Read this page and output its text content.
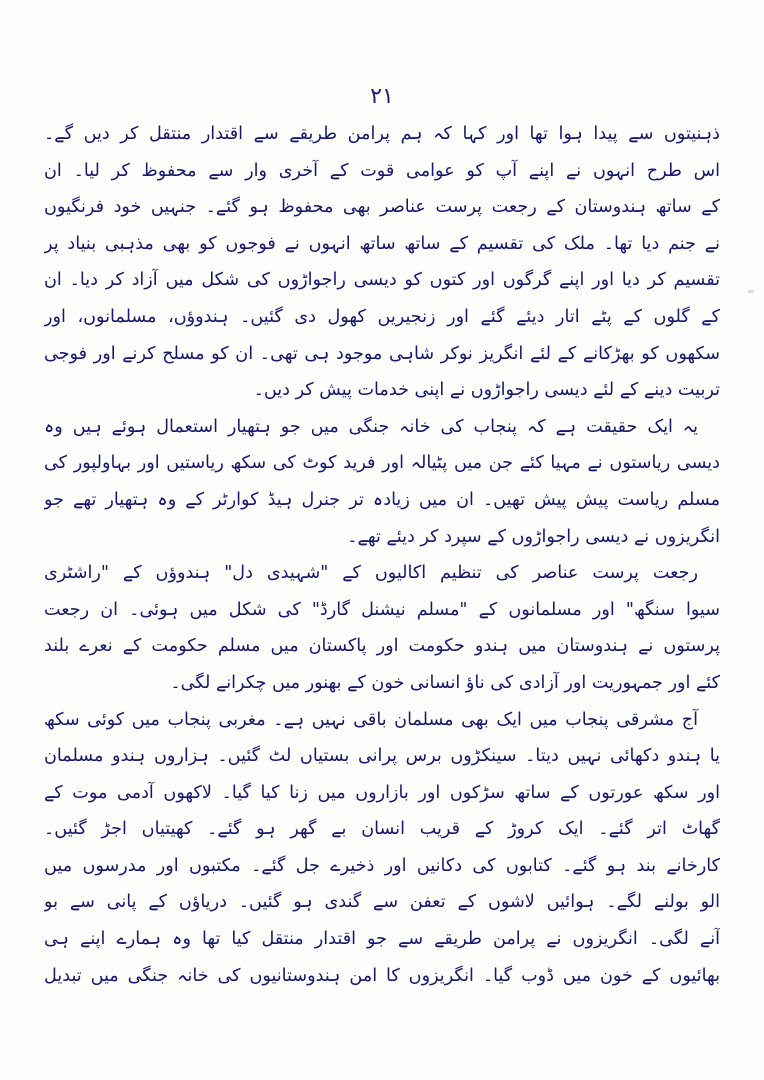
۲۱
ذہنیتوں سے پیدا ہوا تھا اور کہا کہ ہم پرامن طریقے سے اقتدار منتقل کر دیں گے۔
اس طرح انہوں نے اپنے آپ کو عوامی قوت کے آخری وار سے محفوظ کر لیا۔ ان
کے ساتھ ہندوستان کے رجعت پرست عناصر بھی محفوظ ہو گئے۔ جنہیں خود فرنگیوں
نے جنم دیا تھا۔ ملک کی تقسیم کے ساتھ ساتھ انہوں نے فوجوں کو بھی مذہبی بنیاد پر
تقسیم کر دیا اور اپنے گرگوں اور کتوں کو دیسی راجواڑوں کی شکل میں آزاد کر دیا۔ ان
کے گلوں کے پٹے اتار دیئے گئے اور زنجیریں کھول دی گئیں۔ ہندوؤں، مسلمانوں، اور
سکھوں کو بھڑکانے کے لئے انگریز نوکر شاہی موجود ہی تھی۔ ان کو مسلح کرنے اور فوجی
تربیت دینے کے لئے دیسی راجواڑوں نے اپنی خدمات پیش کر دیں۔
یہ ایک حقیقت ہے کہ پنجاب کی خانہ جنگی میں جو ہتھیار استعمال ہوئے ہیں وہ
دیسی ریاستوں نے مہیا کئے جن میں پٹیالہ اور فرید کوٹ کی سکھ ریاستیں اور بہاولپور کی
مسلم ریاست پیش پیش تھیں۔ ان میں زیادہ تر جنرل ہیڈ کوارٹر کے وہ ہتھیار تھے جو
انگریزوں نے دیسی راجواڑوں کے سپرد کر دیئے تھے۔
رجعت پرست عناصر کی تنظیم اکالیوں کے "شہیدی دل" ہندوؤں کے "راشٹری
سیوا سنگھ" اور مسلمانوں کے "مسلم نیشنل گارڈ" کی شکل میں ہوئی۔ ان رجعت
پرستوں نے ہندوستان میں ہندو حکومت اور پاکستان میں مسلم حکومت کے نعرے بلند
کئے اور جمہوریت اور آزادی کی ناؤ انسانی خون کے بھنور میں چکرانے لگی۔
آج مشرقی پنجاب میں ایک بھی مسلمان باقی نہیں ہے۔ مغربی پنجاب میں کوئی سکھ
یا ہندو دکھائی نہیں دیتا۔ سینکڑوں برس پرانی بستیاں لٹ گئیں۔ ہزاروں ہندو مسلمان
اور سکھ عورتوں کے ساتھ سڑکوں اور بازاروں میں زنا کیا گیا۔ لاکھوں آدمی موت کے
گھاٹ اتر گئے۔ ایک کروڑ کے قریب انسان بے گھر ہو گئے۔ کھیتیاں اجڑ گئیں۔
کارخانے بند ہو گئے۔ کتابوں کی دکانیں اور ذخیرے جل گئے۔ مکتبوں اور مدرسوں میں
الو بولنے لگے۔ ہوائیں لاشوں کے تعفن سے گندی ہو گئیں۔ دریاؤں کے پانی سے بو
آنے لگی۔ انگریزوں نے پرامن طریقے سے جو اقتدار منتقل کیا تھا وہ ہمارے اپنے ہی
بھائیوں کے خون میں ڈوب گیا۔ انگریزوں کا امن ہندوستانیوں کی خانہ جنگی میں تبدیل
